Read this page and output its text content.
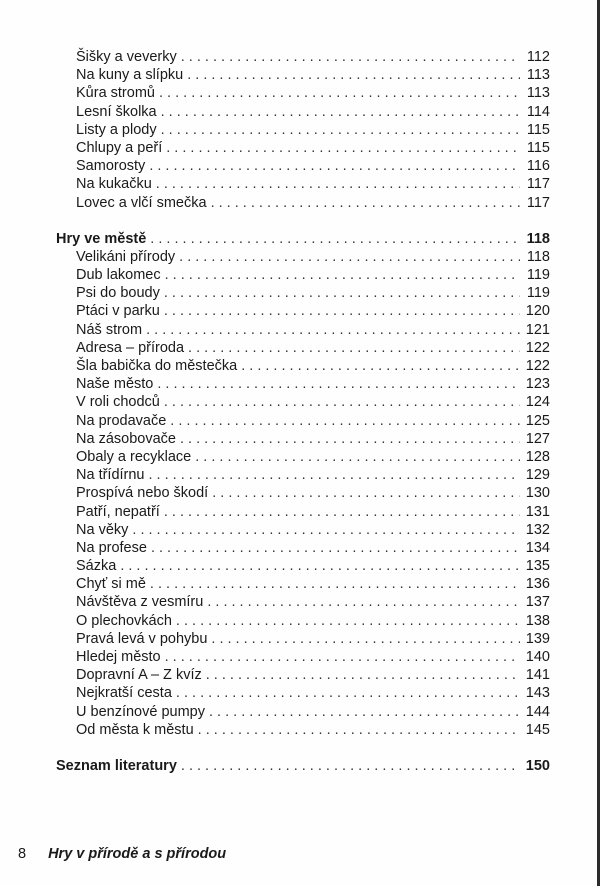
Šišky a veverky . . .	112
Na kuny a slípku . . .	113
Kůra stromů . . .	113
Lesní školka . . .	114
Listy a plody . . .	115
Chlupy a peří . . .	115
Samorosty . . .	116
Na kukačku . . .	117
Lovec a vlčí smečka . . .	117
Hry ve městě . . .	118
Velikáni přírody . . .	118
Dub lakomec . . .	119
Psi do boudy . . .	119
Ptáci v parku . . .	120
Náš strom . . .	121
Adresa – příroda . . .	122
Šla babička do městečka . . .	122
Naše město . . .	123
V roli chodců . . .	124
Na prodavače . . .	125
Na zásobovače . . .	127
Obaly a recyklace . . .	128
Na třídírnu . . .	129
Prospívá nebo škodí . . .	130
Patří, nepatří . . .	131
Na věky . . .	132
Na profese . . .	134
Sázka . . .	135
Chyť si mě . . .	136
Návštěva z vesmíru . . .	137
O plechovkách . . .	138
Pravá levá v pohybu . . .	139
Hledej město . . .	140
Dopravní A – Z kvíz . . .	141
Nejkratší cesta . . .	143
U benzínové pumpy . . .	144
Od města k městu . . .	145
Seznam literatury . . .	150
8 Hry v přírodě a s přírodou
